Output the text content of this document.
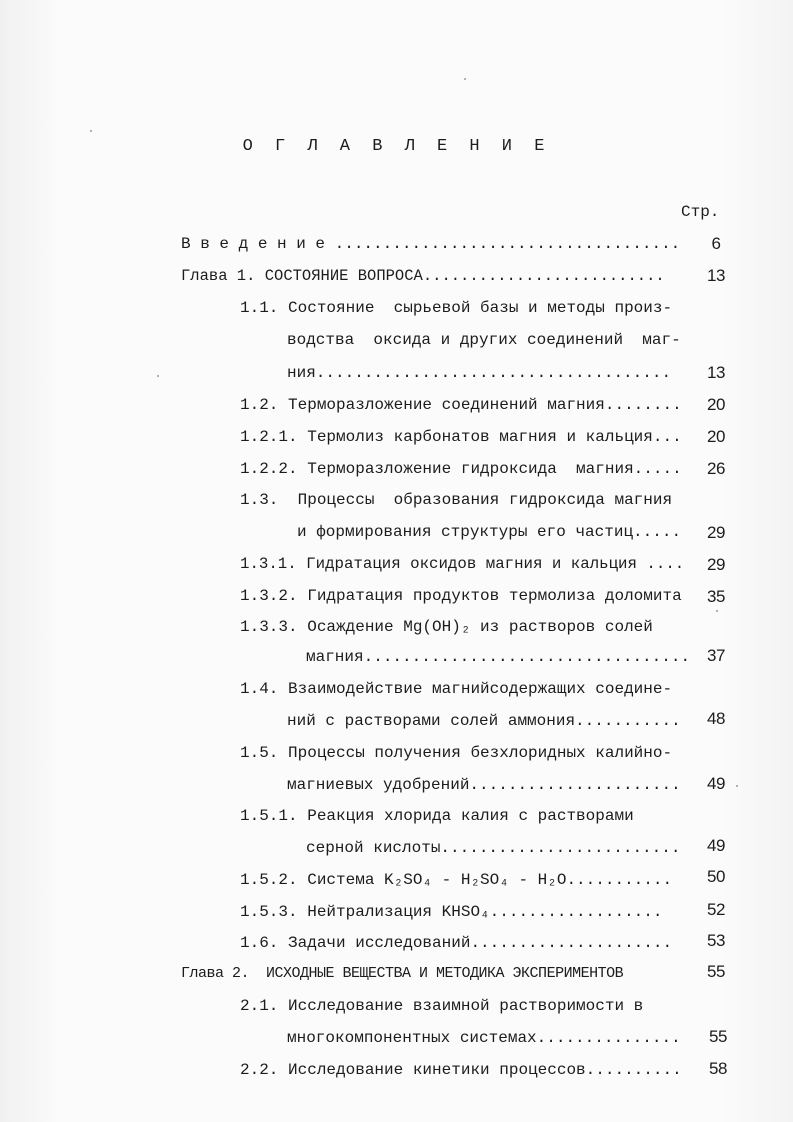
О Г Л А В Л Е Н И Е
Стр.
В в е д е н и е ....................................	6
Глава 1. СОСТОЯНИЕ ВОПРОСА..........................	13
1.1. Состояние  сырьевой базы и методы произ-
водства  оксида и других соединений  маг-
ния.....................................	13
1.2. Терморазложение соединений магния........	20
1.2.1. Термолиз карбонатов магния и кальция...	20
1.2.2. Терморазложение гидроксида  магния.....	26
1.3.  Процессы  образования гидроксида магния
и формирования структуры его частиц.....	29
1.3.1. Гидратация оксидов магния и кальция ....	29
1.3.2. Гидратация продуктов термолиза доломита	35
1.3.3. Осаждение Mg(OH)₂ из растворов солей
магния.................................. 37
1.4. Взаимодействие магнийсодержащих соедине-
ний с растворами солей аммония...........	48
1.5. Процессы получения безхлоридных калийно-
магниевых удобрений......................	49
1.5.1. Реакция хлорида калия с растворами
серной кислоты.........................	49
1.5.2. Система K₂SO₄ - H₂SO₄ - H₂O...........	50
1.5.3. Нейтрализация KHSO₄..................	52
1.6. Задачи исследований.....................	53
Глава 2.  ИСХОДНЫЕ ВЕЩЕСТВА И МЕТОДИКА ЭКСПЕРИМЕНТОВ	55
2.1. Исследование взаимной растворимости в
многокомпонентных системах...............	55
2.2. Исследование кинетики процессов..........	58
